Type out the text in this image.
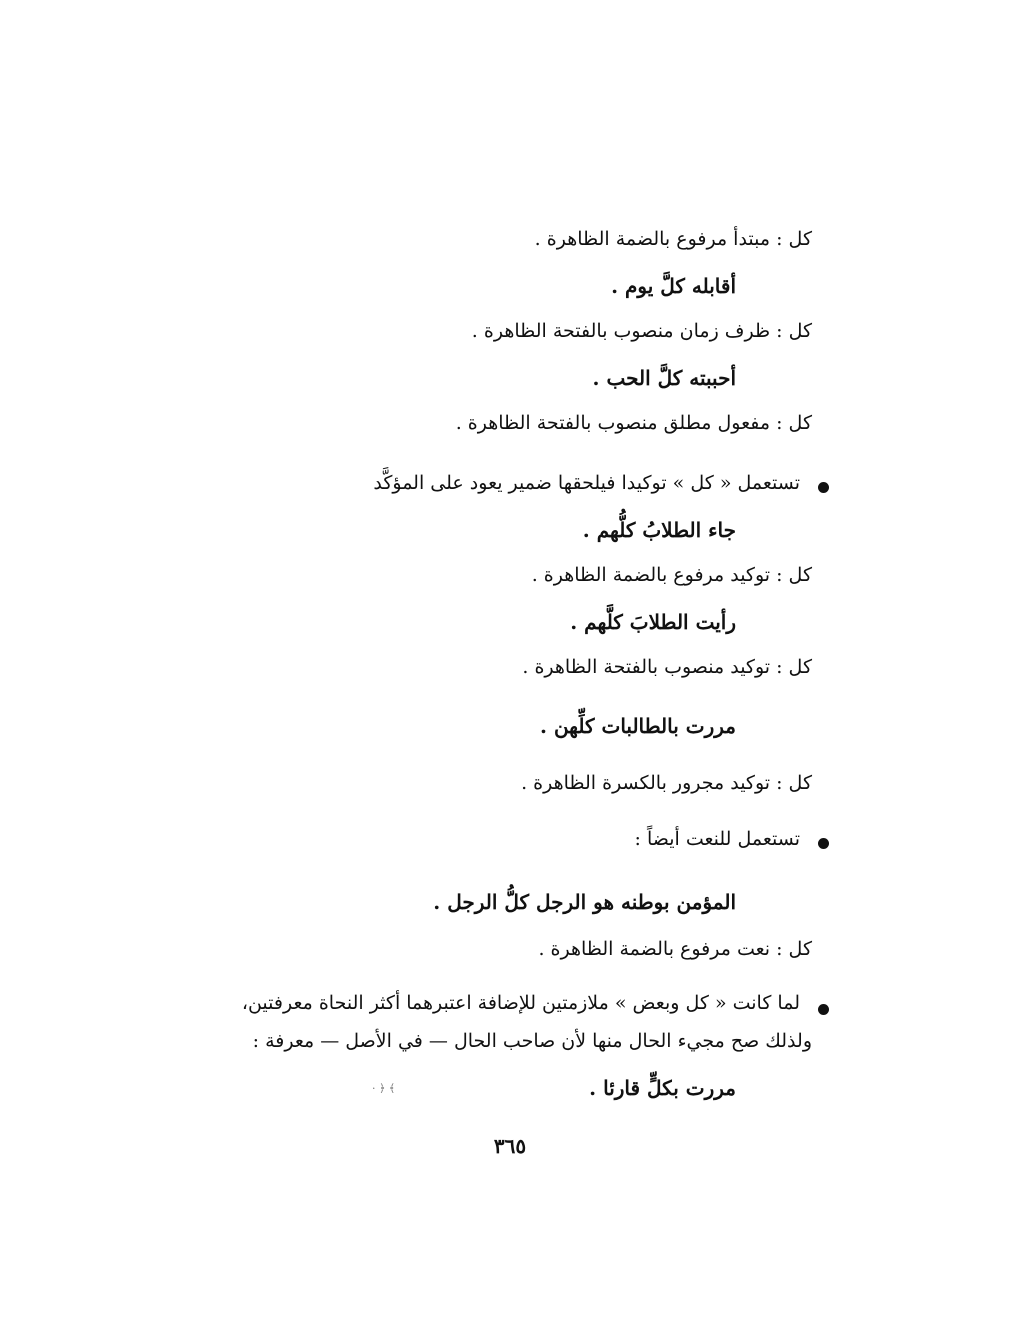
كل : مبتدأ مرفوع بالضمة الظاهرة .
أقابله كلَّ يوم .
كل : ظرف زمان منصوب بالفتحة الظاهرة .
أحببته كلَّ الحب .
كل : مفعول مطلق منصوب بالفتحة الظاهرة .
تستعمل « كل » توكيدا فيلحقها ضمير يعود على المؤكَّد
جاء الطلابُ كلُّهم .
كل : توكيد مرفوع بالضمة الظاهرة .
رأيت الطلابَ كلَّهم .
كل : توكيد منصوب بالفتحة الظاهرة .
مررت بالطالبات كلِّهن .
كل : توكيد مجرور بالكسرة الظاهرة .
تستعمل للنعت أيضاً :
المؤمن بوطنه هو الرجل كلُّ الرجل .
كل : نعت مرفوع بالضمة الظاهرة .
لما كانت « كل وبعض » ملازمتين للإضافة اعتبرهما أكثر النحاة معرفتين،
ولذلك صح مجيء الحال منها لأن صاحب الحال — في الأصل — معرفة :
مررت بكلٍّ قارئا .
﴾ ﴿ ·
٣٦٥
